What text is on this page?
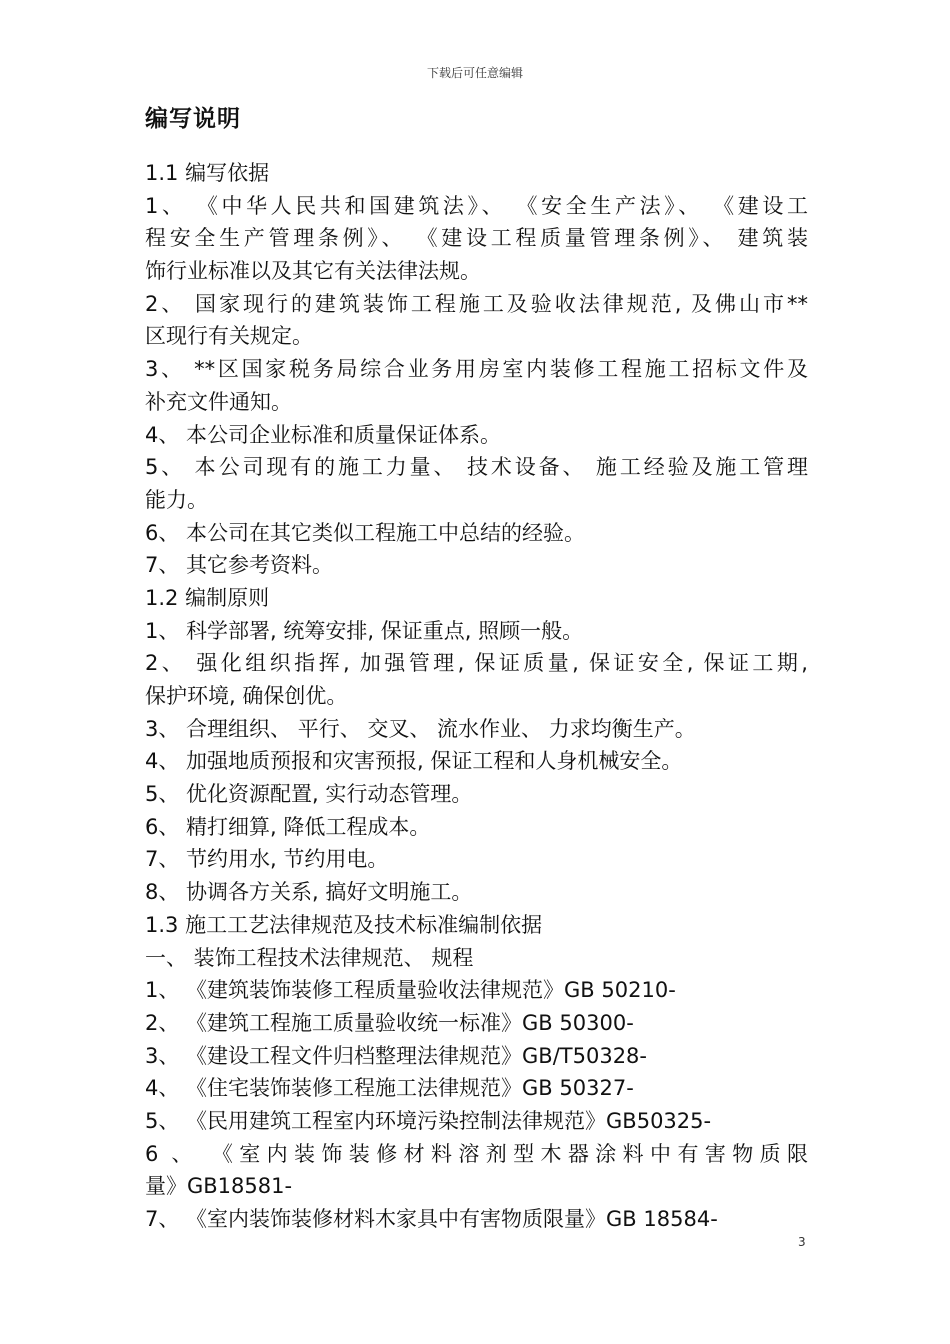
下载后可任意编辑
编写说明
1.1 编写依据
1、 《中华人民共和国建筑法》、 《安全生产法》、 《建设工
程安全生产管理条例》、 《建设工程质量管理条例》、 建筑装
饰行业标准以及其它有关法律法规。
2、 国家现行的建筑装饰工程施工及验收法律规范, 及佛山市**
区现行有关规定。
3、 **区国家税务局综合业务用房室内装修工程施工招标文件及
补充文件通知。
4、 本公司企业标准和质量保证体系。
5、 本公司现有的施工力量、 技术设备、 施工经验及施工管理
能力。
6、 本公司在其它类似工程施工中总结的经验。
7、 其它参考资料。
1.2 编制原则
1、 科学部署, 统筹安排, 保证重点, 照顾一般。
2、 强化组织指挥, 加强管理, 保证质量, 保证安全, 保证工期,
保护环境, 确保创优。
3、 合理组织、 平行、 交叉、 流水作业、 力求均衡生产。
4、 加强地质预报和灾害预报, 保证工程和人身机械安全。
5、 优化资源配置, 实行动态管理。
6、 精打细算, 降低工程成本。
7、 节约用水, 节约用电。
8、 协调各方关系, 搞好文明施工。
1.3 施工工艺法律规范及技术标准编制依据
一、 装饰工程技术法律规范、 规程
1、 《建筑装饰装修工程质量验收法律规范》GB 50210-
2、 《建筑工程施工质量验收统一标准》GB 50300-
3、 《建设工程文件归档整理法律规范》GB/T50328-
4、 《住宅装饰装修工程施工法律规范》GB 50327-
5、 《民用建筑工程室内环境污染控制法律规范》GB50325-
6 、 《室内装饰装修材料溶剂型木器涂料中有害物质限
量》GB18581-
7、 《室内装饰装修材料木家具中有害物质限量》GB 18584-
3
